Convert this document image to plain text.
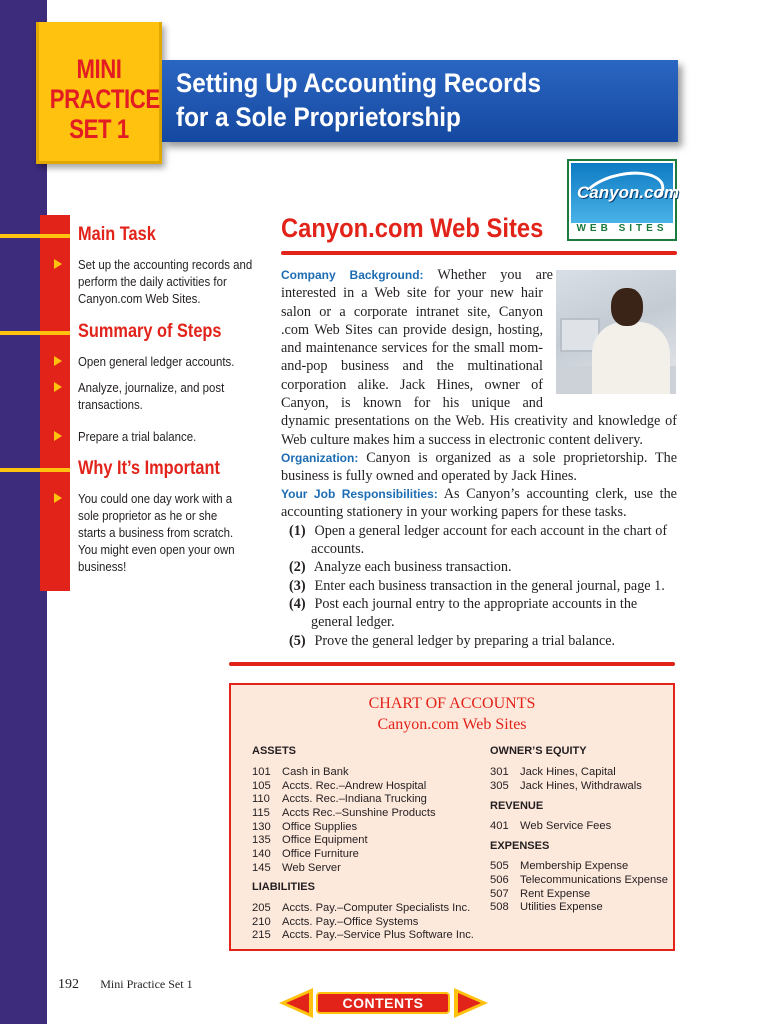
MINI
PRACTICE
SET 1
Setting Up Accounting Records
for a Sole Proprietorship
Canyon.com
WEB SITES
Main Task
Set up the accounting records and perform the daily activities for Canyon.com Web Sites.
Summary of Steps
Open general ledger accounts.
Analyze, journalize, and post transactions.
Prepare a trial balance.
Why It’s Important
You could one day work with a sole proprietor as he or she starts a business from scratch. You might even open your own business!
Canyon.com Web Sites
Company Background: Whether you are
interested in a Web site for your new hair
salon or a corporate intranet site, Canyon
.com Web Sites can provide design, hosting,
and maintenance services for the small mom-
and-pop business and the multinational
corporation alike. Jack Hines, owner of
Canyon, is known for his unique and
dynamic presentations on the Web. His creativity and knowledge of
Web culture makes him a success in electronic content delivery.
Organization: Canyon is organized as a sole proprietorship. The business is fully owned and operated by Jack Hines.
Your Job Responsibilities: As Canyon’s accounting clerk, use the accounting stationery in your working papers for these tasks.
(1) Open a general ledger account for each account in the chart of
accounts.
(2) Analyze each business transaction.
(3) Enter each business transaction in the general journal, page 1.
(4) Post each journal entry to the appropriate accounts in the
general ledger.
(5) Prove the general ledger by preparing a trial balance.
CHART OF ACCOUNTS
Canyon.com Web Sites
ASSETS
101 Cash in Bank
105 Accts. Rec.–Andrew Hospital
110 Accts. Rec.–Indiana Trucking
115 Accts Rec.–Sunshine Products
130 Office Supplies
135 Office Equipment
140 Office Furniture
145 Web Server
LIABILITIES
205 Accts. Pay.–Computer Specialists Inc.
210 Accts. Pay.–Office Systems
215 Accts. Pay.–Service Plus Software Inc.
OWNER’S EQUITY
301 Jack Hines, Capital
305 Jack Hines, Withdrawals
REVENUE
401 Web Service Fees
EXPENSES
505 Membership Expense
506 Telecommunications Expense
507 Rent Expense
508 Utilities Expense
192 Mini Practice Set 1
CONTENTS
